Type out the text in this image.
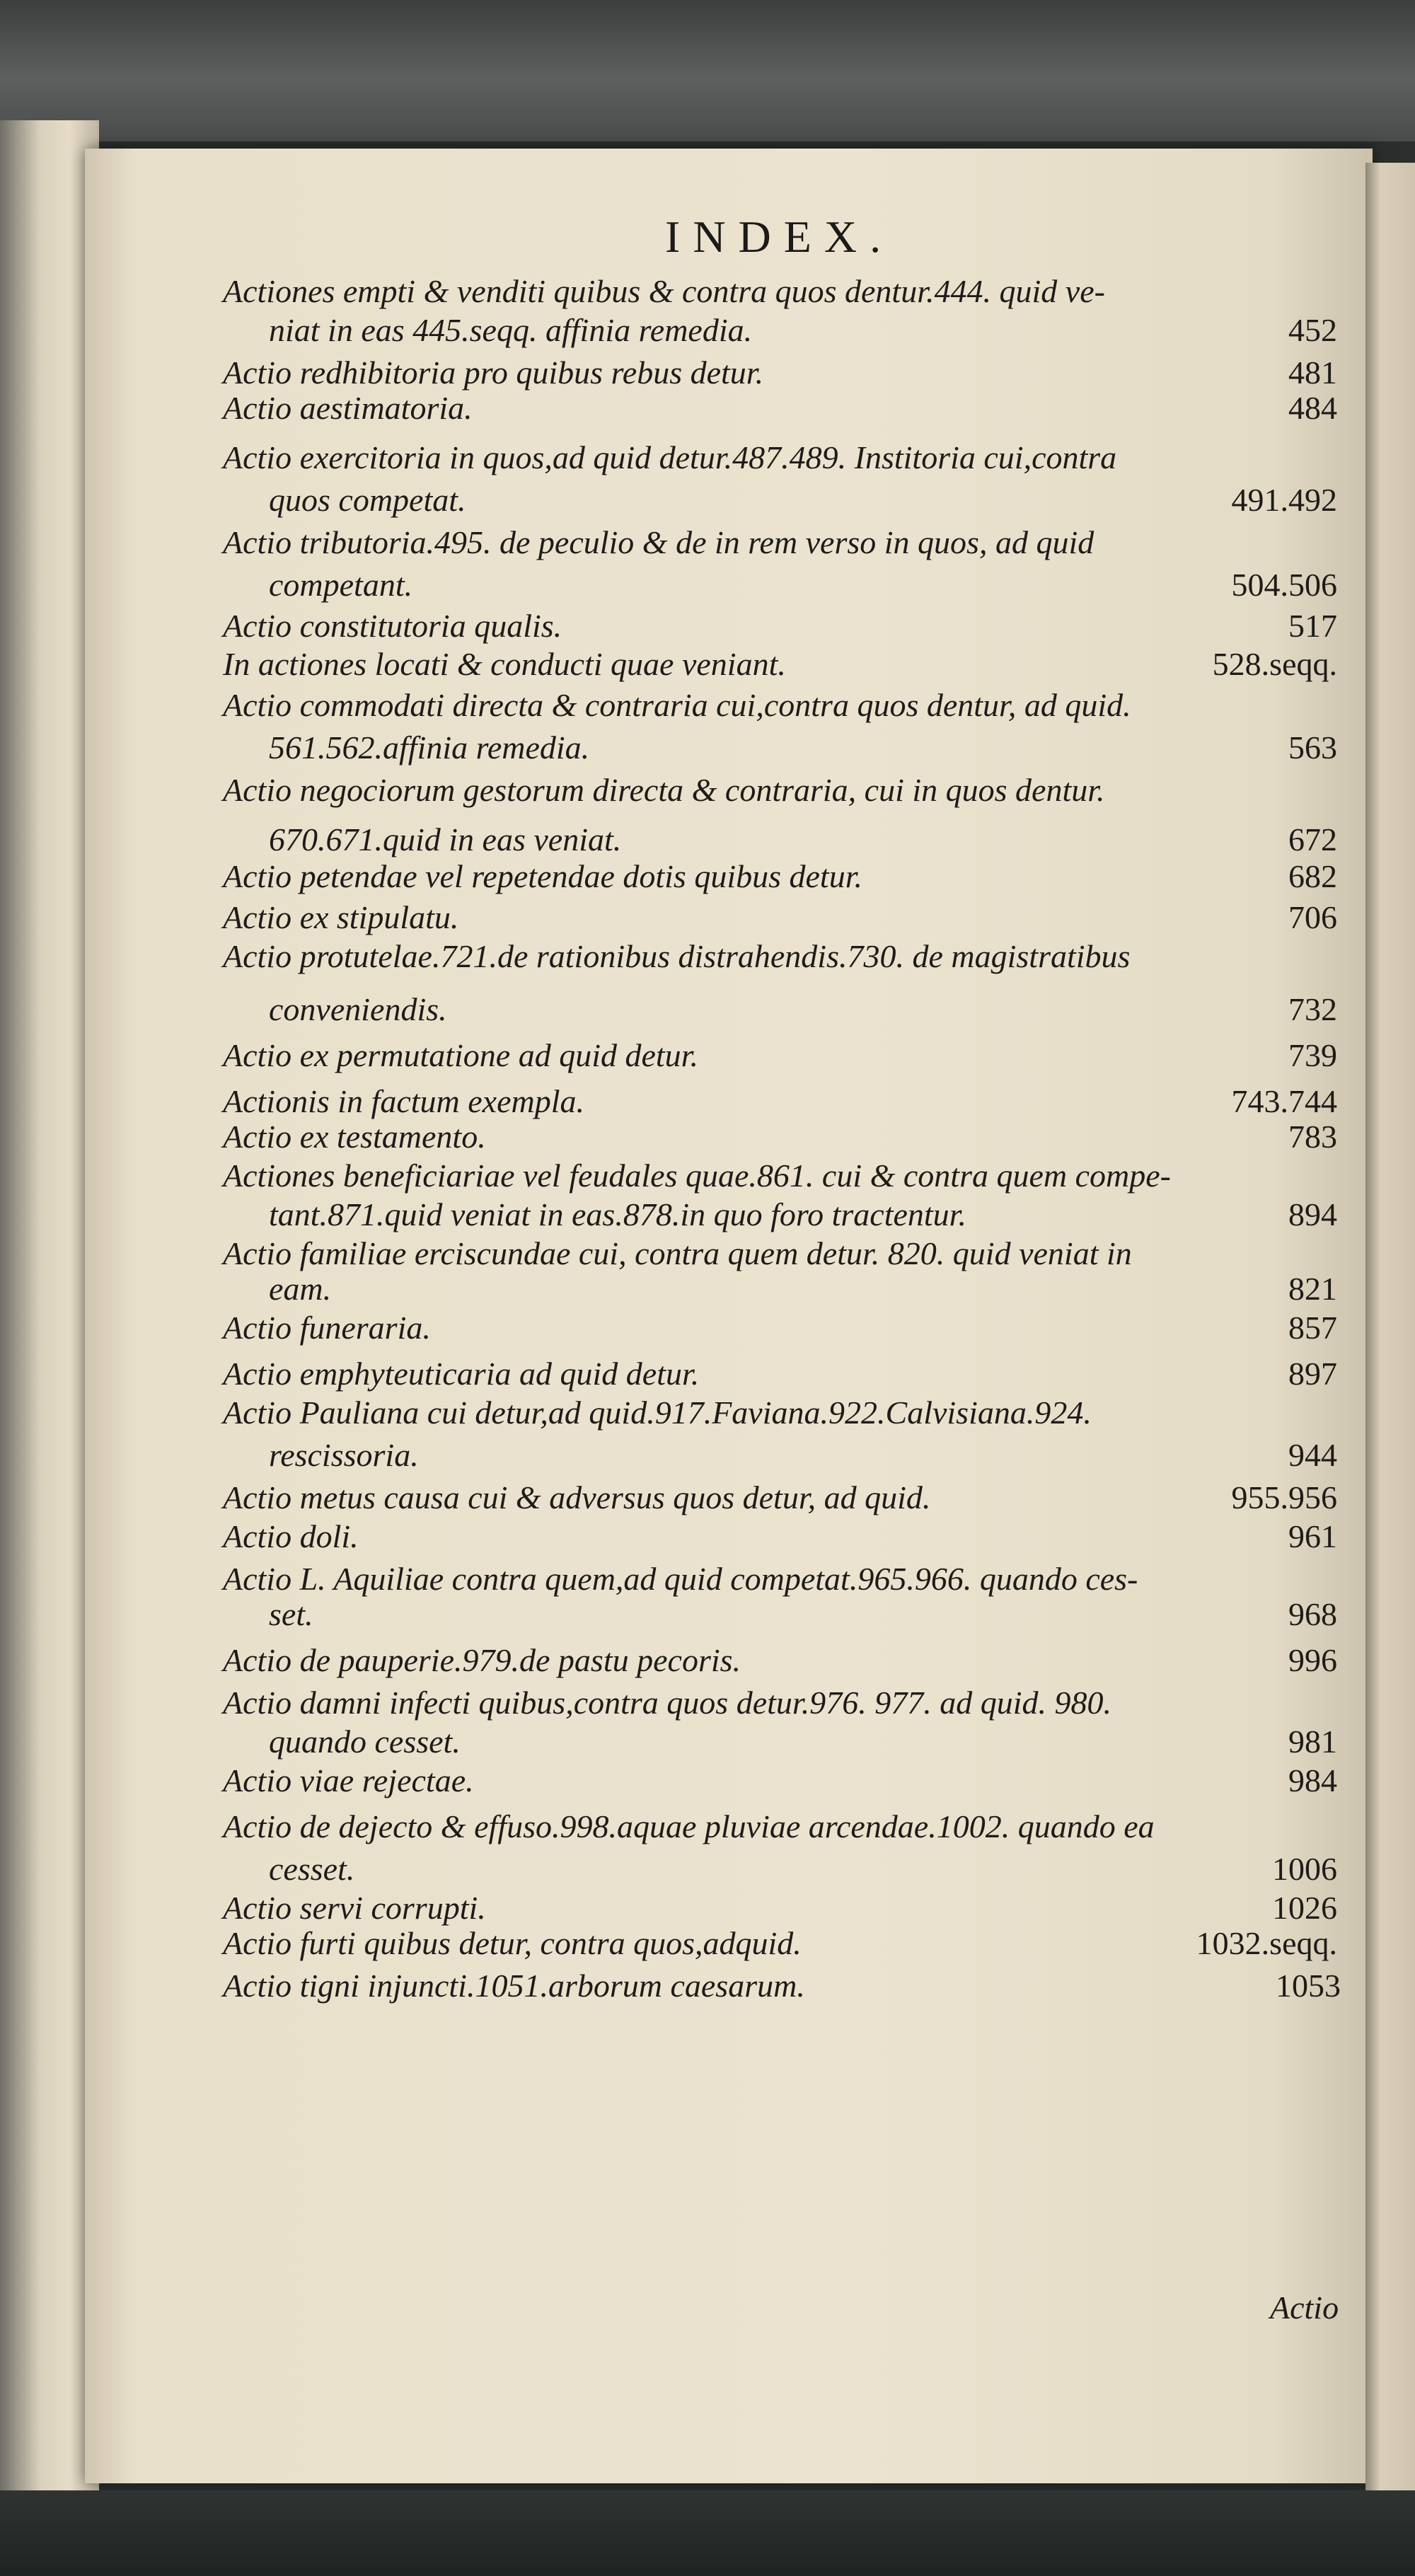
INDEX.
Actiones empti & venditi quibus & contra quos dentur.444. quid ve-
niat in eas 445.seqq. affinia remedia.	452
Actio redhibitoria pro quibus rebus detur.	481
Actio aestimatoria.	484
Actio exercitoria in quos,ad quid detur.487.489. Institoria cui,contra
quos competat.	491.492
Actio tributoria.495. de peculio & de in rem verso in quos, ad quid
competant.	504.506
Actio constitutoria qualis.	517
In actiones locati & conducti quae veniant.	528.seqq.
Actio commodati directa & contraria cui,contra quos dentur, ad quid.
561.562.affinia remedia.	563
Actio negociorum gestorum directa & contraria, cui in quos dentur.
670.671.quid in eas veniat.	672
Actio petendae vel repetendae dotis quibus detur.	682
Actio ex stipulatu.	706
Actio protutelae.721.de rationibus distrahendis.730. de magistratibus
conveniendis.	732
Actio ex permutatione ad quid detur.	739
Actionis in factum exempla.	743.744
Actio ex testamento.	783
Actiones beneficiariae vel feudales quae.861. cui & contra quem compe-
tant.871.quid veniat in eas.878.in quo foro tractentur.	894
Actio familiae erciscundae cui, contra quem detur. 820. quid veniat in
eam.	821
Actio funeraria.	857
Actio emphyteuticaria ad quid detur.	897
Actio Pauliana cui detur,ad quid.917.Faviana.922.Calvisiana.924.
rescissoria.	944
Actio metus causa cui & adversus quos detur, ad quid.	955.956
Actio doli.	961
Actio L. Aquiliae contra quem,ad quid competat.965.966. quando ces-
set.	968
Actio de pauperie.979.de pastu pecoris.	996
Actio damni infecti quibus,contra quos detur.976. 977. ad quid. 980.
quando cesset.	981
Actio viae rejectae.	984
Actio de dejecto & effuso.998.aquae pluviae arcendae.1002. quando ea
cesset.	1006
Actio servi corrupti.	1026
Actio furti quibus detur, contra quos,adquid.	1032.seqq.
Actio tigni injuncti.1051.arborum caesarum.	1053
Actio
